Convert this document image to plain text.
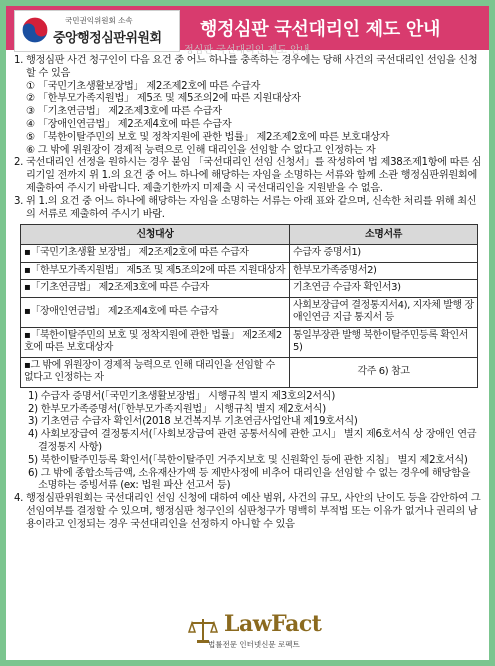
국민권익위원회 소속
중앙행정심판위원회 행정심판 국선대리인 제도 안내
정심판 국선대리인 제도 안내

1. 행정심판 사건 청구인이 다음 요건 중 어느 하나를 충족하는 경우에는 당해 사건의 국선대리인 선임을 신청할 수 있음

① 「국민기초생활보장법」 제2조제2호에 따른 수급자

② 「한부모가족지원법」 제5조 및 제5조의2에 따른 지원대상자

③ 「기초연금법」 제2조제3호에 따른 수급자

④ 「장애인연금법」 제2조제4호에 따른 수급자

⑤ 「북한이탈주민의 보호 및 정착지원에 관한 법률」 제2조제2호에 따른 보호대상자

⑥ 그 밖에 위원장이 경제적 능력으로 인해 대리인을 선임할 수 없다고 인정하는 자

2. 국선대리인 선정을 원하시는 경우 붙임 「국선대리인 선임 신청서」를 작성하여 법 제38조제1항에 따른 심리기일 전까지 위 1.의 요건 중 어느 하나에 해당하는 자임을 소명하는 서류와 함께 소관 행정심판위원회에 제출하여 주시기 바랍니다. 제출기한까지 미제출 시 국선대리인을 지원받을 수 없음.

3. 위 1.의 요건 중 어느 하나에 해당하는 자임을 소명하는 서류는 아래 표와 같으며, 신속한 처리를 위해 최신의 서류로 제출하여 주시기 바람.

신청대상	소명서류
▪「국민기초생활 보장법」 제2조제2호에 따른 수급자	수급자 증명서1)
▪「한부모가족지원법」 제5조 및 제5조의2에 따른 지원대상자	한부모가족증명서2)
▪「기초연금법」 제2조제3호에 따른 수급자	기초연금 수급자 확인서3)
▪「장애인연금법」 제2조제4호에 따른 수급자	사회보장급여 결정통지서4), 지자체 발행 장애인연금 지급 통지서 등
▪「북한이탈주민의 보호 및 정착지원에 관한 법률」 제2조제2호에 따른 보호대상자	통일부장관 발행 북한이탈주민등록 확인서5)
▪그 밖에 위원장이 경제적 능력으로 인해 대리인을 선임할 수 없다고 인정하는 자	각주 6) 참고

1) 수급자 증명서(「국민기초생활보장법」 시행규칙 별지 제3호의2서식)

2) 한부모가족증명서(「한부모가족지원법」 시행규칙 별지 제2호서식)

3) 기초연금 수급자 확인서(2018 보건복지부 기초연금사업안내 제19호서식)

4) 사회보장급여 결정통지서(「사회보장급여 관련 공통서식에 관한 고시」 별지 제6호서식 상 장애인 연금 결정통지 사항)

5) 북한이탈주민등록 확인서(「북한이탈주민 거주지보호 및 신원확인 등에 관한 지침」 별지 제2호서식)

6) 그 밖에 종합소득금액, 소유재산가액 등 제반사정에 비추어 대리인을 선임할 수 없는 경우에 해당함을 소명하는 증빙서류 (ex: 법원 파산 선고서 등)

4. 행정심판위원회는 국선대리인 선임 신청에 대하여 예산 범위, 사건의 규모, 사안의 난이도 등을 감안하여 그 선임여부를 결정할 수 있으며, 행정심판 청구인의 심판청구가 명백히 부적법 또는 이유가 없거나 권리의 남용이라고 인정되는 경우 국선대리인을 선정하지 아니할 수 있음

LawFact
법률전문 인터넷신문 로펙트
